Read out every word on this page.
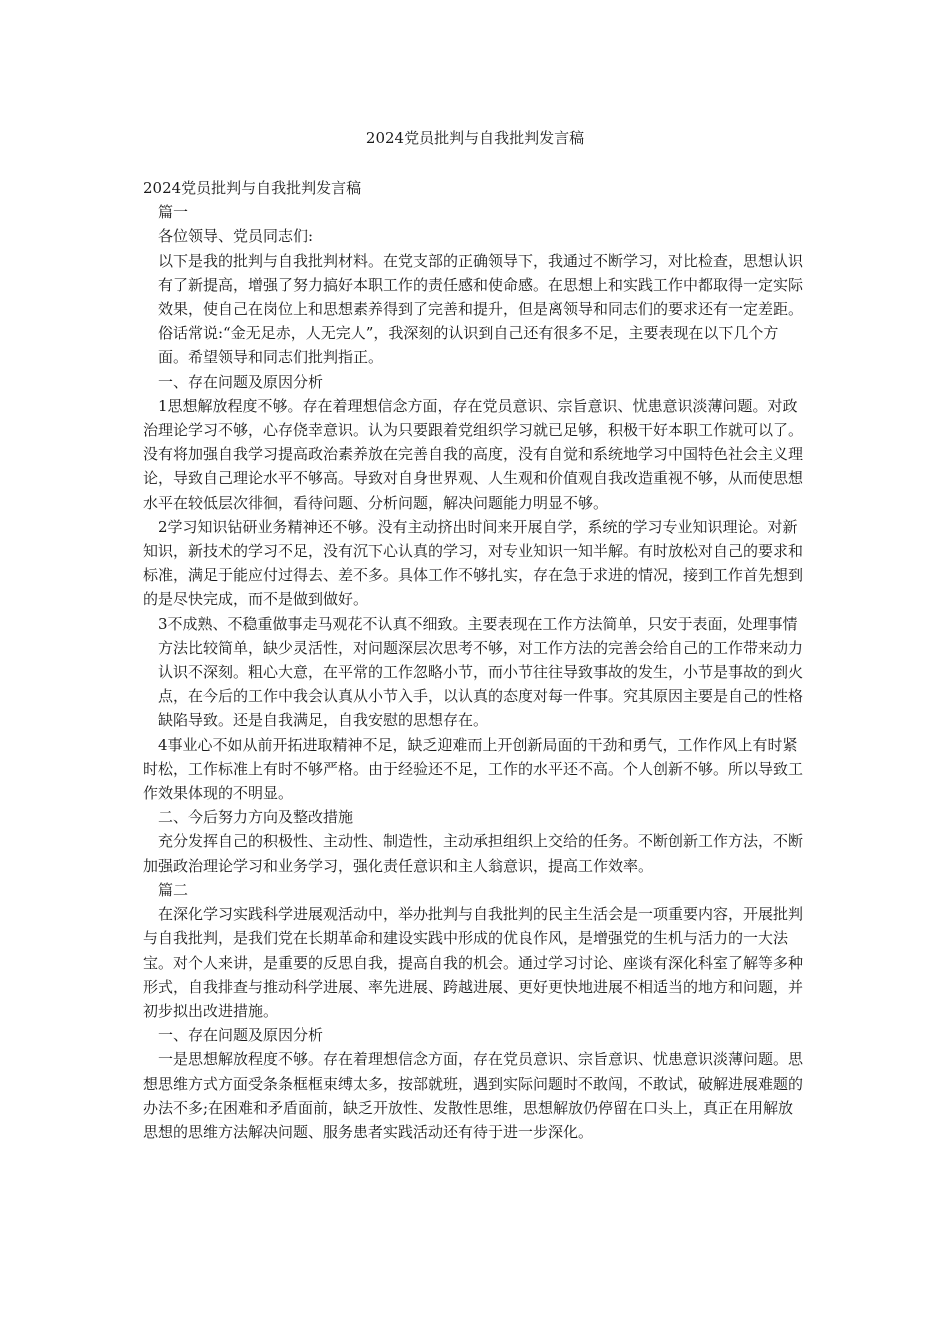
2024党员批判与自我批判发言稿

2024党员批判与自我批判发言稿

篇一

各位领导、党员同志们:

以下是我的批判与自我批判材料。在党支部的正确领导下，我通过不断学习，对比检查，思想认识有了新提高，增强了努力搞好本职工作的责任感和使命感。在思想上和实践工作中都取得一定实际效果，使自己在岗位上和思想素养得到了完善和提升，但是离领导和同志们的要求还有一定差距。俗话常说:“金无足赤，人无完人”，我深刻的认识到自己还有很多不足，主要表现在以下几个方面。希望领导和同志们批判指正。

一、存在问题及原因分析

1思想解放程度不够。存在着理想信念方面，存在党员意识、宗旨意识、忧患意识淡薄问题。对政治理论学习不够，心存侥幸意识。认为只要跟着党组织学习就已足够，积极干好本职工作就可以了。没有将加强自我学习提高政治素养放在完善自我的高度，没有自觉和系统地学习中国特色社会主义理论，导致自己理论水平不够高。导致对自身世界观、人生观和价值观自我改造重视不够，从而使思想水平在较低层次徘徊，看待问题、分析问题，解决问题能力明显不够。

2学习知识钻研业务精神还不够。没有主动挤出时间来开展自学，系统的学习专业知识理论。对新知识，新技术的学习不足，没有沉下心认真的学习，对专业知识一知半解。有时放松对自己的要求和标准，满足于能应付过得去、差不多。具体工作不够扎实，存在急于求进的情况，接到工作首先想到的是尽快完成，而不是做到做好。

3不成熟、不稳重做事走马观花不认真不细致。主要表现在工作方法简单，只安于表面，处理事情方法比较简单，缺少灵活性，对问题深层次思考不够，对工作方法的完善会给自己的工作带来动力认识不深刻。粗心大意，在平常的工作忽略小节，而小节往往导致事故的发生，小节是事故的到火点，在今后的工作中我会认真从小节入手，以认真的态度对每一件事。究其原因主要是自己的性格缺陷导致。还是自我满足，自我安慰的思想存在。

4事业心不如从前开拓进取精神不足，缺乏迎难而上开创新局面的干劲和勇气，工作作风上有时紧时松，工作标准上有时不够严格。由于经验还不足，工作的水平还不高。个人创新不够。所以导致工作效果体现的不明显。

二、今后努力方向及整改措施

充分发挥自己的积极性、主动性、制造性，主动承担组织上交给的任务。不断创新工作方法，不断加强政治理论学习和业务学习，强化责任意识和主人翁意识，提高工作效率。

篇二

在深化学习实践科学进展观活动中，举办批判与自我批判的民主生活会是一项重要内容，开展批判与自我批判，是我们党在长期革命和建设实践中形成的优良作风，是增强党的生机与活力的一大法宝。对个人来讲，是重要的反思自我，提高自我的机会。通过学习讨论、座谈有深化科室了解等多种形式，自我排查与推动科学进展、率先进展、跨越进展、更好更快地进展不相适当的地方和问题，并初步拟出改进措施。

一、存在问题及原因分析

一是思想解放程度不够。存在着理想信念方面，存在党员意识、宗旨意识、忧患意识淡薄问题。思想思维方式方面受条条框框束缚太多，按部就班，遇到实际问题时不敢闯，不敢试，破解进展难题的办法不多;在困难和矛盾面前，缺乏开放性、发散性思维，思想解放仍停留在口头上，真正在用解放思想的思维方法解决问题、服务患者实践活动还有待于进一步深化。
